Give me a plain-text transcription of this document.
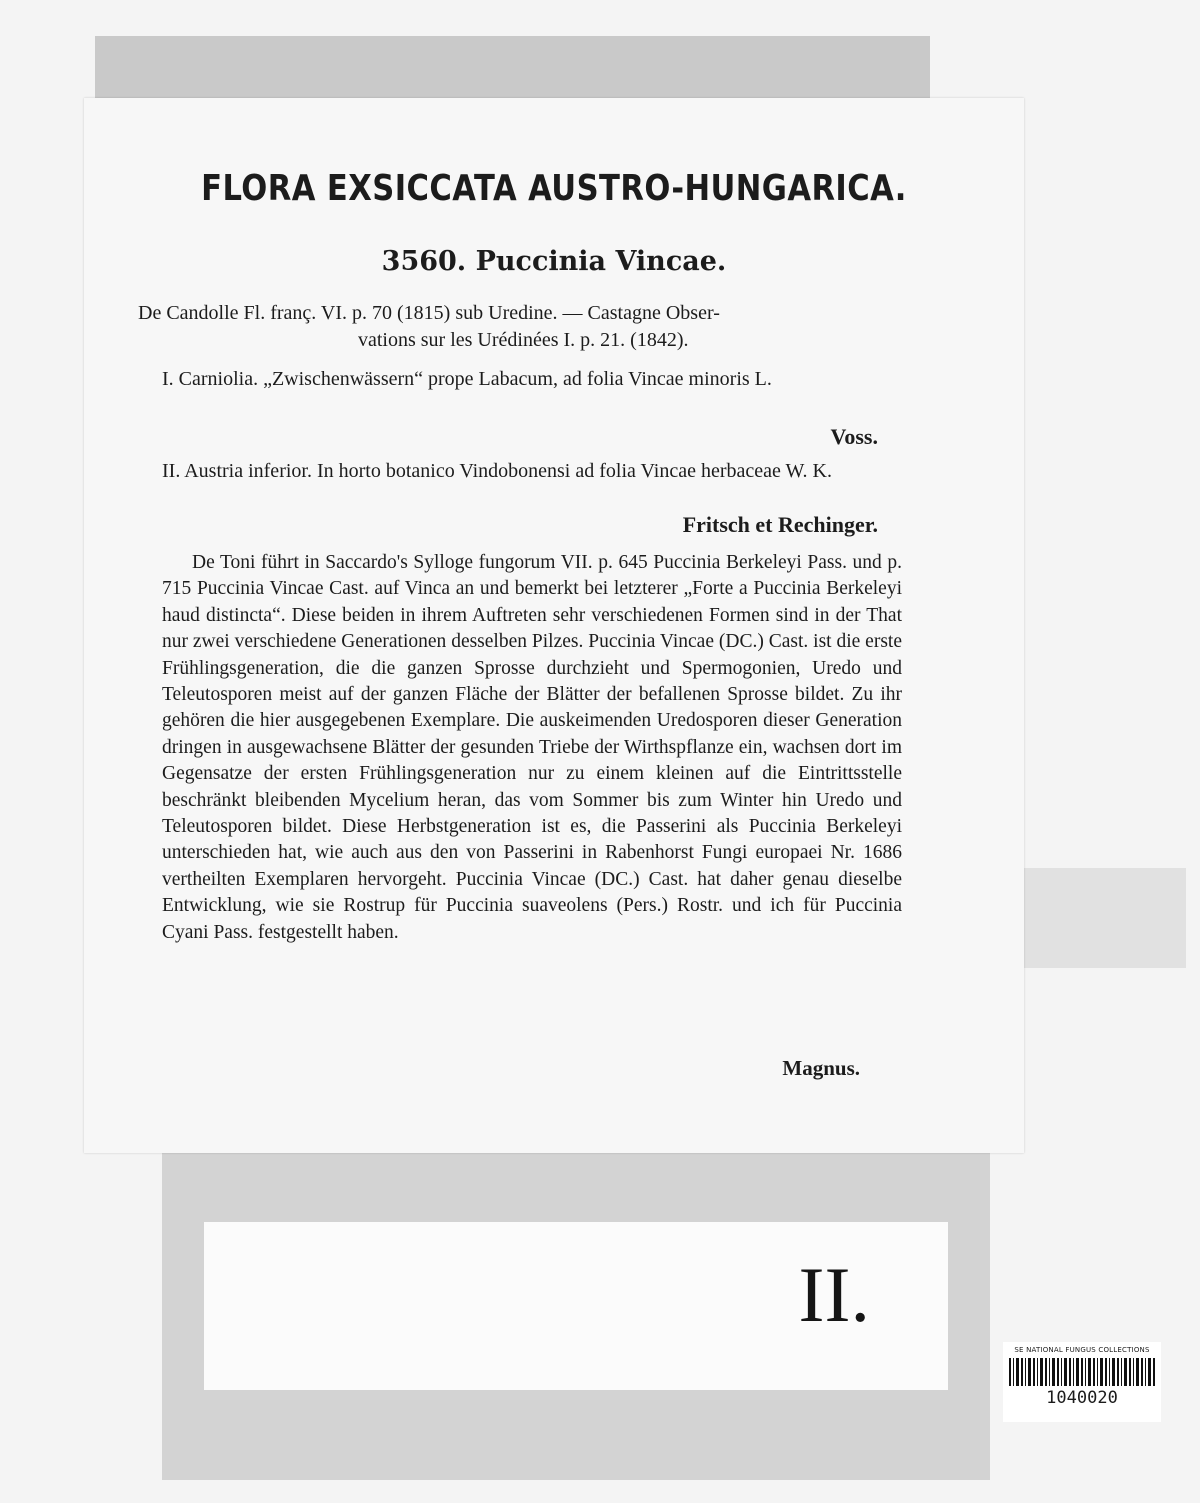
FLORA EXSICCATA AUSTRO-HUNGARICA.
3560. Puccinia Vincae.
De Candolle Fl. franç. VI. p. 70 (1815) sub Uredine. — Castagne Obser-
vations sur les Urédinées I. p. 21. (1842).
I. Carniolia. „Zwischenwässern“ prope Labacum, ad folia Vincae minoris L.
Voss.
II. Austria inferior. In horto botanico Vindobonensi ad folia Vincae herbaceae W. K.
Fritsch et Rechinger.
De Toni führt in Saccardo's Sylloge fungorum VII. p. 645 Puccinia Berkeleyi Pass. und p. 715 Puccinia Vincae Cast. auf Vinca an und bemerkt bei letzterer „Forte a Puccinia Berkeleyi haud distincta“. Diese beiden in ihrem Auftreten sehr verschiedenen Formen sind in der That nur zwei verschiedene Generationen desselben Pilzes. Puccinia Vincae (DC.) Cast. ist die erste Frühlingsgeneration, die die ganzen Sprosse durchzieht und Spermogonien, Uredo und Teleutosporen meist auf der ganzen Fläche der Blätter der befallenen Sprosse bildet. Zu ihr gehören die hier ausgegebenen Exemplare. Die auskeimenden Uredosporen dieser Generation dringen in ausgewachsene Blätter der gesunden Triebe der Wirthspflanze ein, wachsen dort im Gegensatze der ersten Frühlingsgeneration nur zu einem kleinen auf die Eintrittsstelle beschränkt bleibenden Mycelium heran, das vom Sommer bis zum Winter hin Uredo und Teleutosporen bildet. Diese Herbstgeneration ist es, die Passerini als Puccinia Berkeleyi unterschieden hat, wie auch aus den von Passerini in Rabenhorst Fungi europaei Nr. 1686 vertheilten Exemplaren hervorgeht. Puccinia Vincae (DC.) Cast. hat daher genau dieselbe Entwicklung, wie sie Rostrup für Puccinia suaveolens (Pers.) Rostr. und ich für Puccinia Cyani Pass. festgestellt haben.
Magnus.
II.
SE NATIONAL FUNGUS COLLECTIONS
1040020
